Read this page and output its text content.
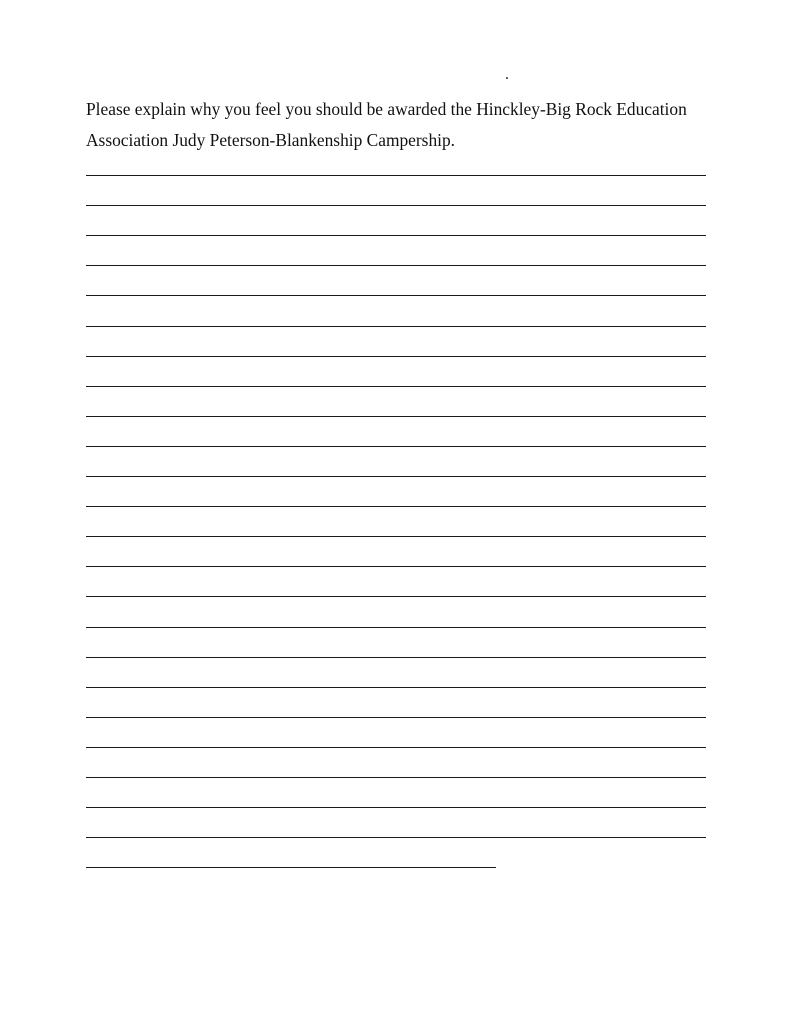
Please explain why you feel you should be awarded the Hinckley-Big Rock Education
Association Judy Peterson-Blankenship Campership.
